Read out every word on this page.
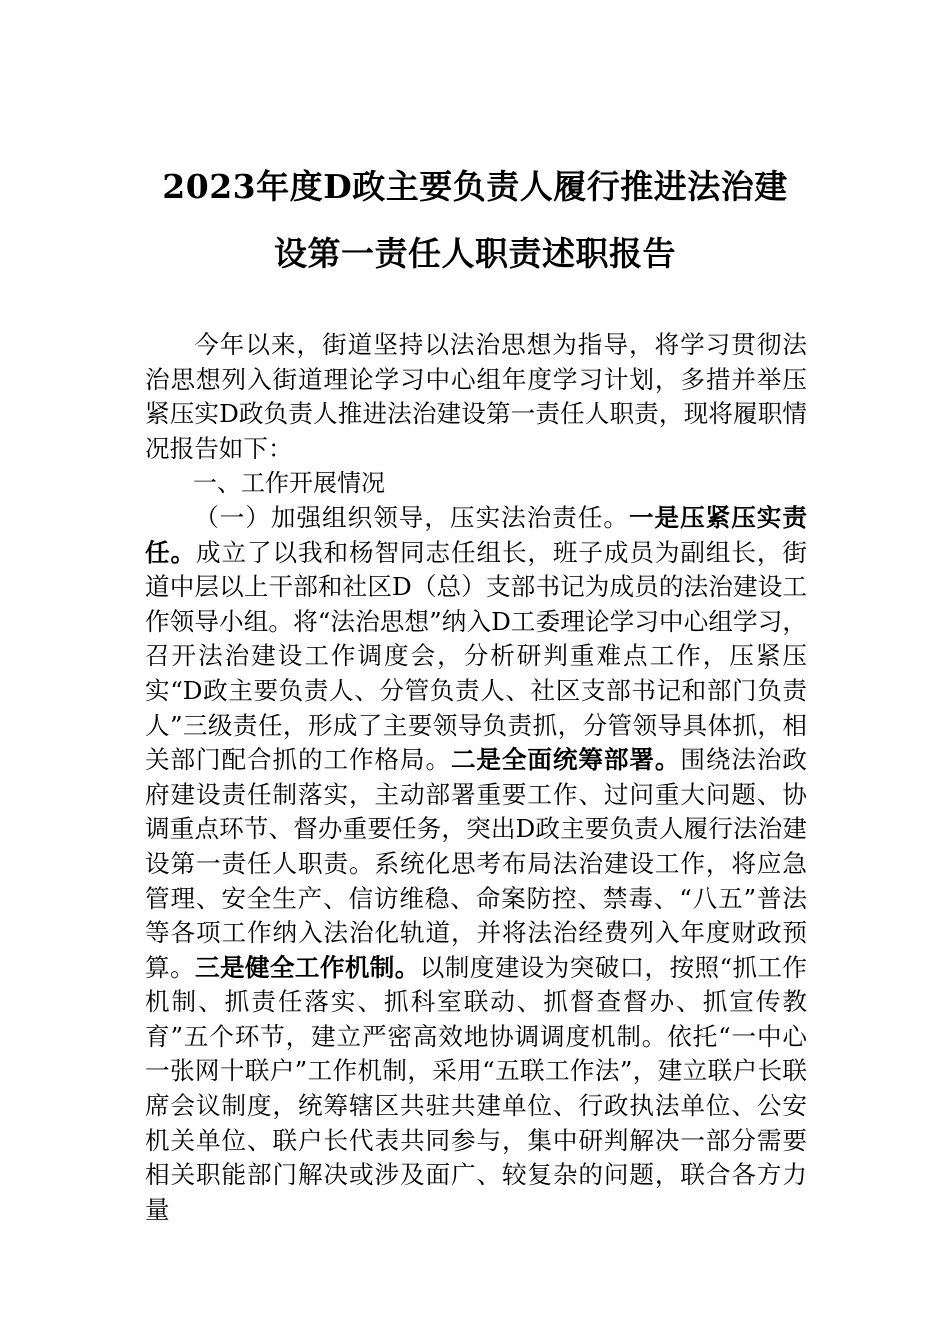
2023年度D政主要负责人履行推进法治建
设第一责任人职责述职报告

今年以来，街道坚持以法治思想为指导，将学习贯彻法治思想列入街道理论学习中心组年度学习计划，多措并举压紧压实D政负责人推进法治建设第一责任人职责，现将履职情况报告如下：

一、工作开展情况

（一）加强组织领导，压实法治责任。一是压紧压实责任。成立了以我和杨智同志任组长，班子成员为副组长，街道中层以上干部和社区D（总）支部书记为成员的法治建设工作领导小组。将“法治思想”纳入D工委理论学习中心组学习，召开法治建设工作调度会，分析研判重难点工作，压紧压实“D政主要负责人、分管负责人、社区支部书记和部门负责人”三级责任，形成了主要领导负责抓，分管领导具体抓，相关部门配合抓的工作格局。二是全面统筹部署。围绕法治政府建设责任制落实，主动部署重要工作、过问重大问题、协调重点环节、督办重要任务，突出D政主要负责人履行法治建设第一责任人职责。系统化思考布局法治建设工作，将应急管理、安全生产、信访维稳、命案防控、禁毒、“八五”普法等各项工作纳入法治化轨道，并将法治经费列入年度财政预算。三是健全工作机制。以制度建设为突破口，按照“抓工作机制、抓责任落实、抓科室联动、抓督查督办、抓宣传教育”五个环节，建立严密高效地协调调度机制。依托“一中心一张网十联户”工作机制，采用“五联工作法”，建立联户长联席会议制度，统筹辖区共驻共建单位、行政执法单位、公安机关单位、联户长代表共同参与，集中研判解决一部分需要相关职能部门解决或涉及面广、较复杂的问题，联合各方力量
